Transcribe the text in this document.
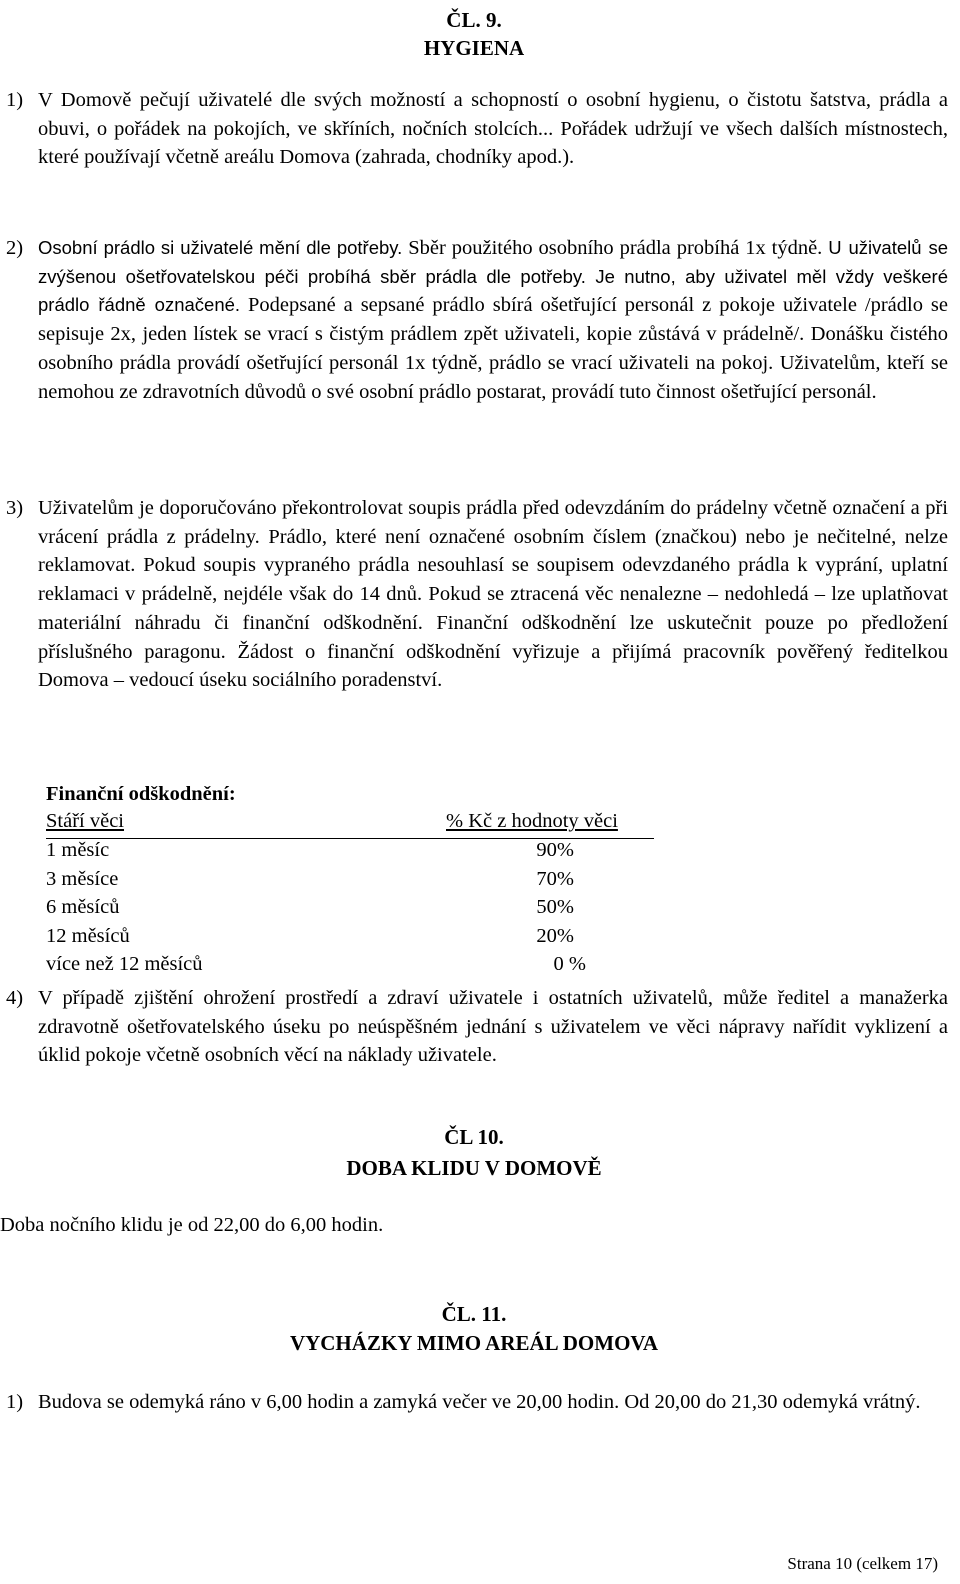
ČL. 9.
HYGIENA
1) V Domově pečují uživatelé dle svých možností a schopností o osobní hygienu, o čistotu šatstva, prádla a obuvi, o pořádek na pokojích, ve skříních, nočních stolcích... Pořádek udržují ve všech dalších místnostech, které používají včetně areálu Domova (zahrada, chodníky apod.).
2) Osobní prádlo si uživatelé mění dle potřeby. Sběr použitého osobního prádla probíhá 1x týdně. U uživatelů se zvýšenou ošetřovatelskou péči probíhá sběr prádla dle potřeby. Je nutno, aby uživatel měl vždy veškeré prádlo řádně označené. Podepsané a sepsané prádlo sbírá ošetřující personál z pokoje uživatele /prádlo se sepisuje 2x, jeden lístek se vrací s čistým prádlem zpět uživateli, kopie zůstává v prádelně/. Donášku čistého osobního prádla provádí ošetřující personál 1x týdně, prádlo se vrací uživateli na pokoj. Uživatelům, kteří se nemohou ze zdravotních důvodů o své osobní prádlo postarat, provádí tuto činnost ošetřující personál.
3) Uživatelům je doporučováno překontrolovat soupis prádla před odevzdáním do prádelny včetně označení a při vrácení prádla z prádelny. Prádlo, které není označené osobním číslem (značkou) nebo je nečitelné, nelze reklamovat. Pokud soupis vypraného prádla nesouhlasí se soupisem odevzdaného prádla k vyprání, uplatní reklamaci v prádelně, nejdéle však do 14 dnů. Pokud se ztracená věc nenalezne – nedohledá – lze uplatňovat materiální náhradu či finanční odškodnění. Finanční odškodnění lze uskutečnit pouze po předložení příslušného paragonu. Žádost o finanční odškodnění vyřizuje a přijímá pracovník pověřený ředitelkou Domova – vedoucí úseku sociálního poradenství.
Finanční odškodnění:
Stáří věci	% Kč z hodnoty věci
1 měsíc	90%
3 měsíce	70%
6 měsíců	50%
12 měsíců	20%
více než 12 měsíců	0 %
4) V případě zjištění ohrožení prostředí a zdraví uživatele i ostatních uživatelů, může ředitel a manažerka zdravotně ošetřovatelského úseku po neúspěšném jednání s uživatelem ve věci nápravy nařídit vyklizení a úklid pokoje včetně osobních věcí na náklady uživatele.
ČL 10.
DOBA KLIDU V DOMOVĚ
Doba nočního klidu je od 22,00 do 6,00 hodin.
ČL. 11.
VYCHÁZKY MIMO AREÁL DOMOVA
1) Budova se odemyká ráno v 6,00 hodin a zamyká večer ve 20,00 hodin. Od 20,00 do 21,30 odemyká vrátný.
Strana 10 (celkem 17)
